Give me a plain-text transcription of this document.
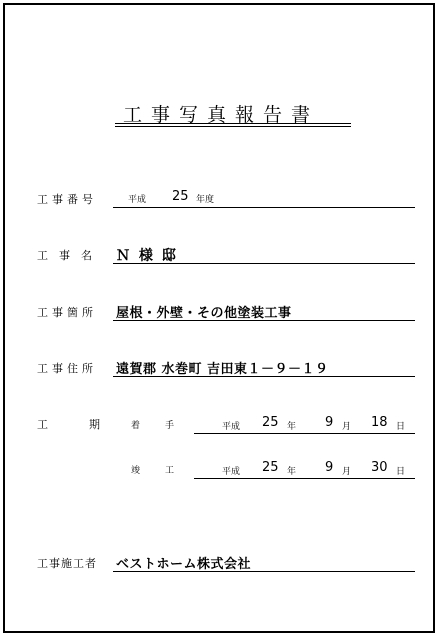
工事写真報告書
工事番号	平成 25 年度
工事名 Ｎ 様 邸
工事箇所 屋根・外壁・その他塗装工事
工事住所 遠賀郡 水巻町 吉田東１－９－１９
工期
着手	平成 25 年 9 月 18 日
竣工	平成 25 年 9 月 30 日
工事施工者 ベストホーム株式会社
